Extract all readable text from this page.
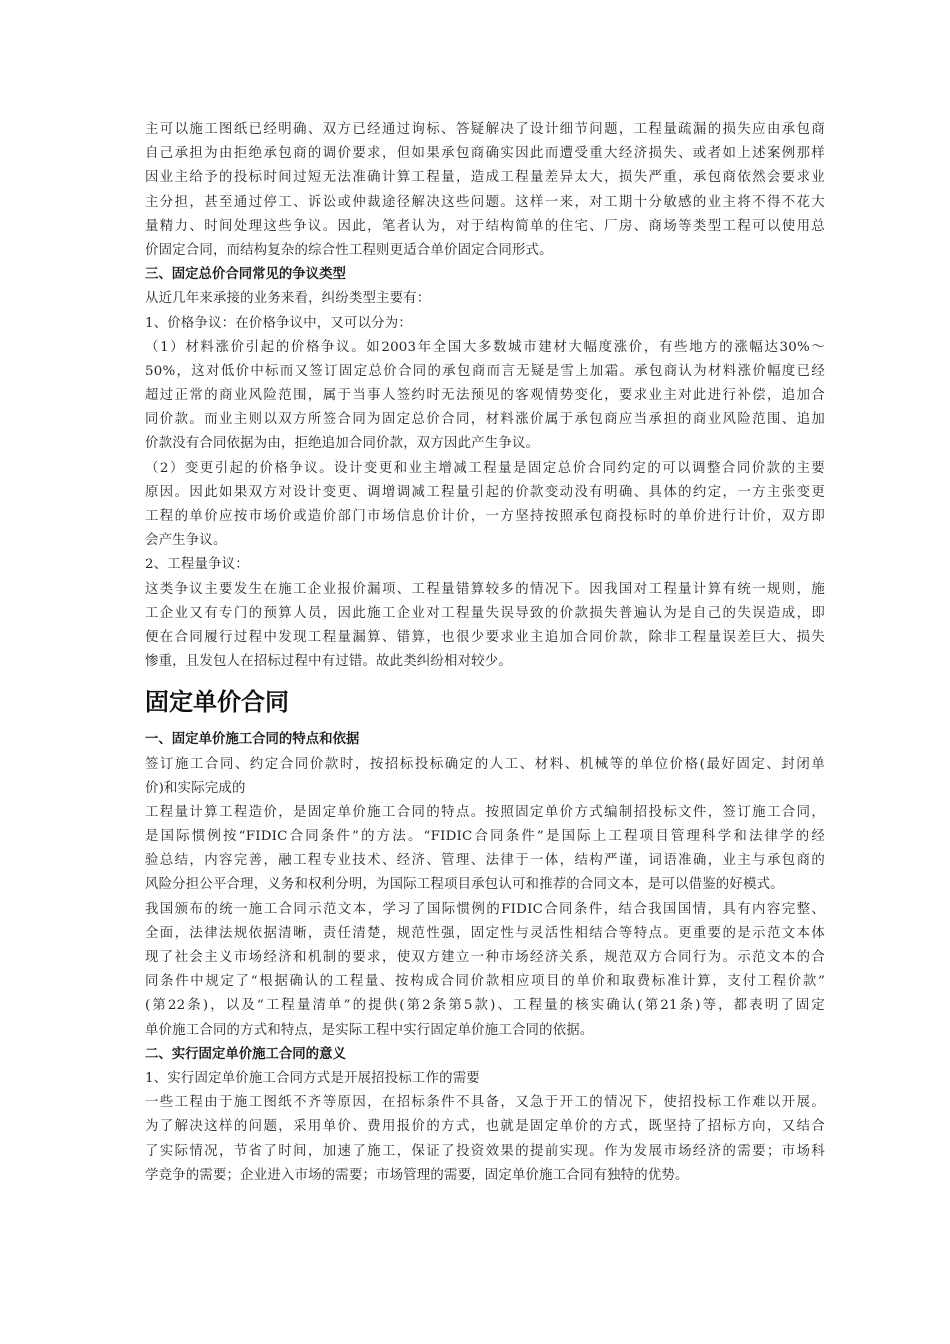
主可以施工图纸已经明确、双方已经通过询标、答疑解决了设计细节问题，工程量疏漏的损失应由承包商
自己承担为由拒绝承包商的调价要求，但如果承包商确实因此而遭受重大经济损失、或者如上述案例那样
因业主给予的投标时间过短无法准确计算工程量，造成工程量差异太大，损失严重，承包商依然会要求业
主分担，甚至通过停工、诉讼或仲裁途径解决这些问题。这样一来，对工期十分敏感的业主将不得不花大
量精力、时间处理这些争议。因此，笔者认为，对于结构简单的住宅、厂房、商场等类型工程可以使用总
价固定合同，而结构复杂的综合性工程则更适合单价固定合同形式。
三、固定总价合同常见的争议类型
从近几年来承接的业务来看，纠纷类型主要有：
1、价格争议：在价格争议中，又可以分为：
（1）材料涨价引起的价格争议。如2003年全国大多数城市建材大幅度涨价，有些地方的涨幅达30%～
50%，这对低价中标而又签订固定总价合同的承包商而言无疑是雪上加霜。承包商认为材料涨价幅度已经
超过正常的商业风险范围，属于当事人签约时无法预见的客观情势变化，要求业主对此进行补偿，追加合
同价款。而业主则以双方所签合同为固定总价合同，材料涨价属于承包商应当承担的商业风险范围、追加
价款没有合同依据为由，拒绝追加合同价款，双方因此产生争议。
（2）变更引起的价格争议。设计变更和业主增减工程量是固定总价合同约定的可以调整合同价款的主要
原因。因此如果双方对设计变更、调增调减工程量引起的价款变动没有明确、具体的约定，一方主张变更
工程的单价应按市场价或造价部门市场信息价计价，一方坚持按照承包商投标时的单价进行计价，双方即
会产生争议。
2、工程量争议：
这类争议主要发生在施工企业报价漏项、工程量错算较多的情况下。因我国对工程量计算有统一规则，施
工企业又有专门的预算人员，因此施工企业对工程量失误导致的价款损失普遍认为是自己的失误造成，即
便在合同履行过程中发现工程量漏算、错算，也很少要求业主追加合同价款，除非工程量误差巨大、损失
惨重，且发包人在招标过程中有过错。故此类纠纷相对较少。
固定单价合同
一、固定单价施工合同的特点和依据
签订施工合同、约定合同价款时，按招标投标确定的人工、材料、机械等的单位价格(最好固定、封闭单
价)和实际完成的
工程量计算工程造价，是固定单价施工合同的特点。按照固定单价方式编制招投标文件，签订施工合同，
是国际惯例按“FIDIC合同条件”的方法。“FIDIC合同条件”是国际上工程项目管理科学和法律学的经
验总结，内容完善，融工程专业技术、经济、管理、法律于一体，结构严谨，词语准确，业主与承包商的
风险分担公平合理，义务和权利分明，为国际工程项目承包认可和推荐的合同文本，是可以借鉴的好模式。
我国颁布的统一施工合同示范文本，学习了国际惯例的FIDIC合同条件，结合我国国情，具有内容完整、
全面，法律法规依据清晰，责任清楚，规范性强，固定性与灵活性相结合等特点。更重要的是示范文本体
现了社会主义市场经济和机制的要求，使双方建立一种市场经济关系，规范双方合同行为。示范文本的合
同条件中规定了“根据确认的工程量、按构成合同价款相应项目的单价和取费标准计算，支付工程价款”
(第22条)，以及“工程量清单”的提供(第2条第5款)、工程量的核实确认(第21条)等，都表明了固定
单价施工合同的方式和特点，是实际工程中实行固定单价施工合同的依据。
二、实行固定单价施工合同的意义
1、实行固定单价施工合同方式是开展招投标工作的需要
一些工程由于施工图纸不齐等原因，在招标条件不具备，又急于开工的情况下，使招投标工作难以开展。
为了解决这样的问题，采用单价、费用报价的方式，也就是固定单价的方式，既坚持了招标方向，又结合
了实际情况，节省了时间，加速了施工，保证了投资效果的提前实现。作为发展市场经济的需要；市场科
学竞争的需要；企业进入市场的需要；市场管理的需要，固定单价施工合同有独特的优势。
